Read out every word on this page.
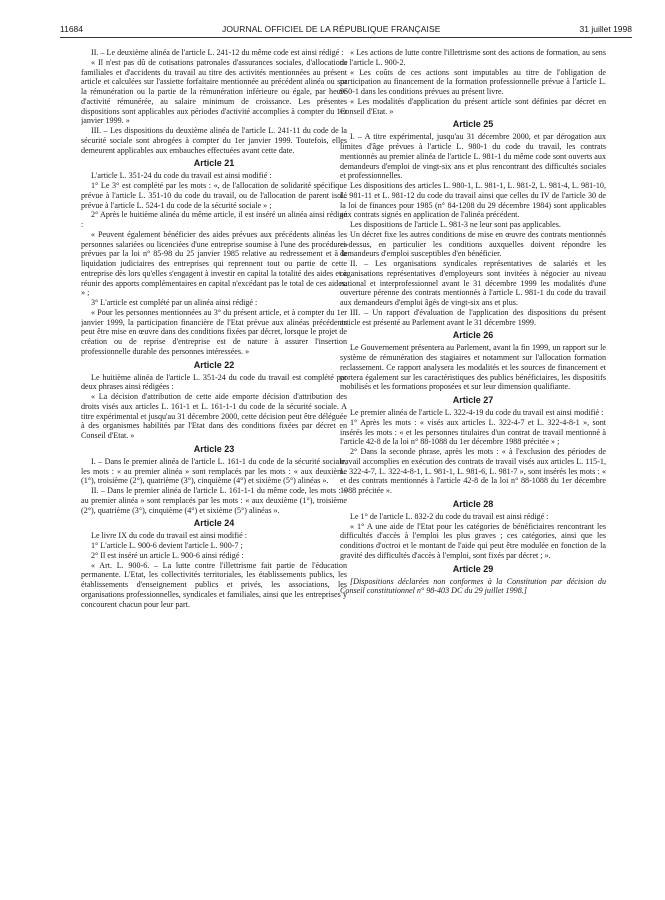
11684	JOURNAL OFFICIEL DE LA RÉPUBLIQUE FRANÇAISE	31 juillet 1998

II. – Le deuxième alinéa de l'article L. 241-12 du même code est ainsi rédigé :

« Il n'est pas dû de cotisations patronales d'assurances sociales, d'allocations familiales et d'accidents du travail au titre des activités mentionnées au présent article et calculées sur l'assiette forfaitaire mentionnée au précédent alinéa ou sur la rémunération ou la partie de la rémunération inférieure ou égale, par heure d'activité rémunérée, au salaire minimum de croissance. Les présentes dispositions sont applicables aux périodes d'activité accomplies à compter du 1er janvier 1999. »

III. – Les dispositions du deuxième alinéa de l'article L. 241-11 du code de la sécurité sociale sont abrogées à compter du 1er janvier 1999. Toutefois, elles demeurent applicables aux embauches effectuées avant cette date.

Article 21

L'article L. 351-24 du code du travail est ainsi modifié :

1° Le 3° est complété par les mots : «, de l'allocation de solidarité spécifique prévue à l'article L. 351-10 du code du travail, ou de l'allocation de parent isolé prévue à l'article L. 524-1 du code de la sécurité sociale » ;

2° Après le huitième alinéa du même article, il est inséré un alinéa ainsi rédigé :

« Peuvent également bénéficier des aides prévues aux précédents alinéas les personnes salariées ou licenciées d'une entreprise soumise à l'une des procédures prévues par la loi n° 85-98 du 25 janvier 1985 relative au redressement et à la liquidation judiciaires des entreprises qui reprennent tout ou partie de cette entreprise dès lors qu'elles s'engagent à investir en capital la totalité des aides et à réunir des apports complémentaires en capital n'excédant pas le total de ces aides. » ;

3° L'article est complété par un alinéa ainsi rédigé :

« Pour les personnes mentionnées au 3° du présent article, et à compter du 1er janvier 1999, la participation financière de l'Etat prévue aux alinéas précédents peut être mise en œuvre dans des conditions fixées par décret, lorsque le projet de création ou de reprise d'entreprise est de nature à assurer l'insertion professionnelle durable des personnes intéressées. »

Article 22

Le huitième alinéa de l'article L. 351-24 du code du travail est complété par deux phrases ainsi rédigées :

« La décision d'attribution de cette aide emporte décision d'attribution des droits visés aux articles L. 161-1 et L. 161-1-1 du code de la sécurité sociale. A titre expérimental et jusqu'au 31 décembre 2000, cette décision peut être déléguée à des organismes habilités par l'Etat dans des conditions fixées par décret en Conseil d'Etat. »

Article 23

I. – Dans le premier alinéa de l'article L. 161-1 du code de la sécurité sociale, les mots : « au premier alinéa » sont remplacés par les mots : « aux deuxième (1°), troisième (2°), quatrième (3°), cinquième (4°) et sixième (5°) alinéas ».

II. – Dans le premier alinéa de l'article L. 161-1-1 du même code, les mots : « au premier alinéa » sont remplacés par les mots : « aux deuxième (1°), troisième (2°), quatrième (3°), cinquième (4°) et sixième (5°) alinéas ».

Article 24

Le livre IX du code du travail est ainsi modifié :

1° L'article L. 900-6 devient l'article L. 900-7 ;

2° Il est inséré un article L. 900-6 ainsi rédigé :

« Art. L. 900-6. – La lutte contre l'illettrisme fait partie de l'éducation permanente. L'Etat, les collectivités territoriales, les établissements publics, les établissements d'enseignement publics et privés, les associations, les organisations professionnelles, syndicales et familiales, ainsi que les entreprises y concourent chacun pour leur part.

« Les actions de lutte contre l'illettrisme sont des actions de formation, au sens de l'article L. 900-2.

« Les coûts de ces actions sont imputables au titre de l'obligation de participation au financement de la formation professionnelle prévue à l'article L. 950-1 dans les conditions prévues au présent livre.

« Les modalités d'application du présent article sont définies par décret en Conseil d'Etat. »

Article 25

I. – A titre expérimental, jusqu'au 31 décembre 2000, et par dérogation aux limites d'âge prévues à l'article L. 980-1 du code du travail, les contrats mentionnés au premier alinéa de l'article L. 981-1 du même code sont ouverts aux demandeurs d'emploi de vingt-six ans et plus rencontrant des difficultés sociales et professionnelles.

Les dispositions des articles L. 980-1, L. 981-1, L. 981-2, L. 981-4, L. 981-10, L. 981-11 et L. 981-12 du code du travail ainsi que celles du IV de l'article 30 de la loi de finances pour 1985 (n° 84-1208 du 29 décembre 1984) sont applicables aux contrats signés en application de l'alinéa précédent.

Les dispositions de l'article L. 981-3 ne leur sont pas applicables.

Un décret fixe les autres conditions de mise en œuvre des contrats mentionnés ci-dessus, en particulier les conditions auxquelles doivent répondre les demandeurs d'emploi susceptibles d'en bénéficier.

II. – Les organisations syndicales représentatives de salariés et les organisations représentatives d'employeurs sont invitées à négocier au niveau national et interprofessionnel avant le 31 décembre 1999 les modalités d'une ouverture pérenne des contrats mentionnés à l'article L. 981-1 du code du travail aux demandeurs d'emploi âgés de vingt-six ans et plus.

III. – Un rapport d'évaluation de l'application des dispositions du présent article est présenté au Parlement avant le 31 décembre 1999.

Article 26

Le Gouvernement présentera au Parlement, avant la fin 1999, un rapport sur le système de rémunération des stagiaires et notamment sur l'allocation formation reclassement. Ce rapport analysera les modalités et les sources de financement et portera également sur les caractéristiques des publics bénéficiaires, les dispositifs mobilisés et les formations proposées et sur leur dimension qualifiante.

Article 27

Le premier alinéa de l'article L. 322-4-19 du code du travail est ainsi modifié :

1° Après les mots : « visés aux articles L. 322-4-7 et L. 322-4-8-1 », sont insérés les mots : « et les personnes titulaires d'un contrat de travail mentionné à l'article 42-8 de la loi n° 88-1088 du 1er décembre 1988 précitée » ;

2° Dans la seconde phrase, après les mots : « à l'exclusion des périodes de travail accomplies en exécution des contrats de travail visés aux articles L. 115-1, L. 322-4-7, L. 322-4-8-1, L. 981-1, L. 981-6, L. 981-7 », sont insérés les mots : « et des contrats mentionnés à l'article 42-8 de la loi n° 88-1088 du 1er décembre 1988 précitée ».

Article 28

Le 1° de l'article L. 832-2 du code du travail est ainsi rédigé :

« 1° A une aide de l'Etat pour les catégories de bénéficiaires rencontrant les difficultés d'accès à l'emploi les plus graves ; ces catégories, ainsi que les conditions d'octroi et le montant de l'aide qui peut être modulée en fonction de la gravité des difficultés d'accès à l'emploi, sont fixés par décret ; ».

Article 29

[Dispositions déclarées non conformes à la Constitution par décision du Conseil constitutionnel n° 98-403 DC du 29 juillet 1998.]
